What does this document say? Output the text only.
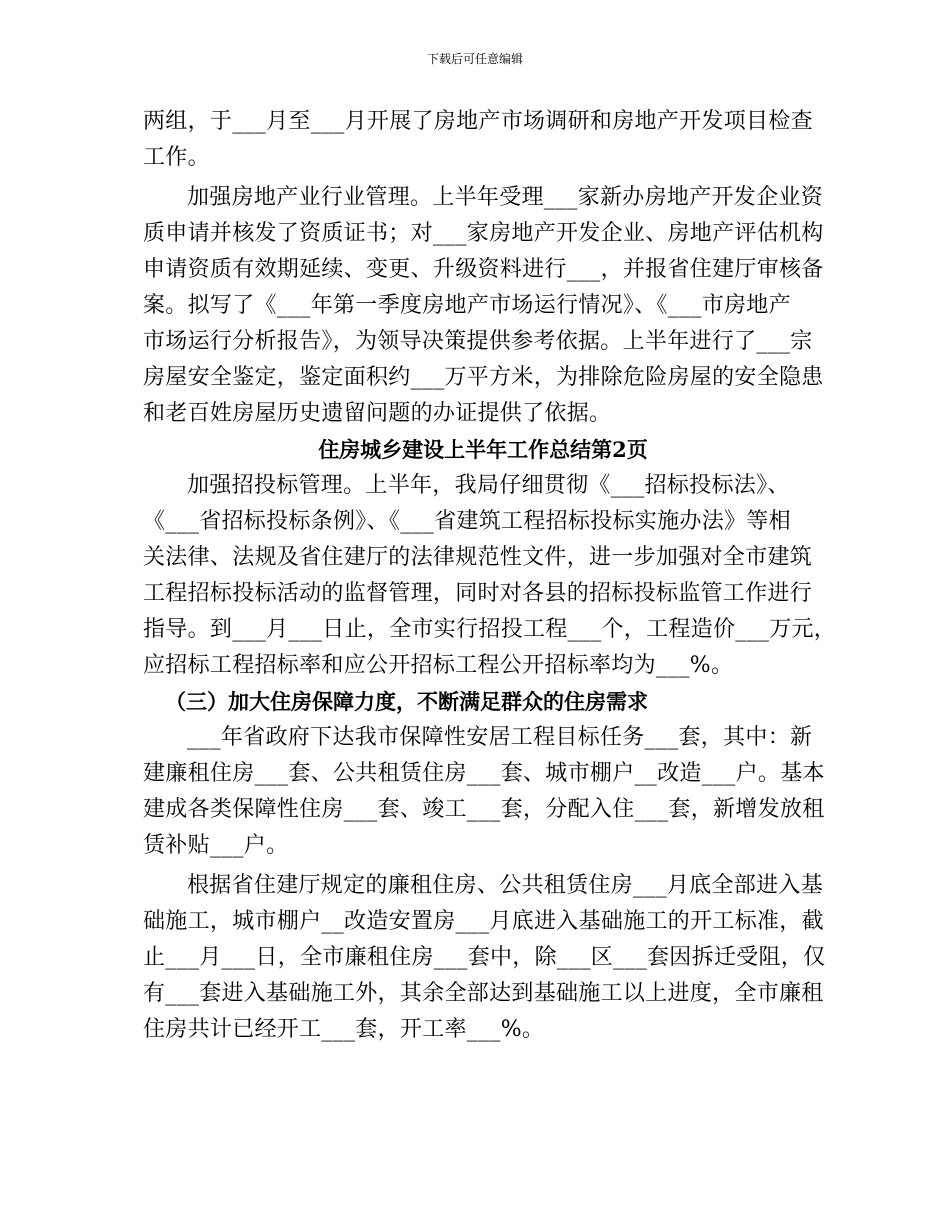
下载后可任意编辑
两组，于___月至___月开展了房地产市场调研和房地产开发项目检查
工作。
加强房地产业行业管理。上半年受理___家新办房地产开发企业资
质申请并核发了资质证书；对___家房地产开发企业、房地产评估机构
申请资质有效期延续、变更、升级资料进行___，并报省住建厅审核备
案。拟写了《___年第一季度房地产市场运行情况》、《___市房地产
市场运行分析报告》，为领导决策提供参考依据。上半年进行了___宗
房屋安全鉴定，鉴定面积约___万平方米，为排除危险房屋的安全隐患
和老百姓房屋历史遗留问题的办证提供了依据。
住房城乡建设上半年工作总结第2页
加强招投标管理。上半年，我局仔细贯彻《___招标投标法》、
《___省招标投标条例》、《___省建筑工程招标投标实施办法》等相
关法律、法规及省住建厅的法律规范性文件，进一步加强对全市建筑
工程招标投标活动的监督管理，同时对各县的招标投标监管工作进行
指导。到___月___日止，全市实行招投工程___个，工程造价___万元，
应招标工程招标率和应公开招标工程公开招标率均为___%。
（三）加大住房保障力度，不断满足群众的住房需求
___年省政府下达我市保障性安居工程目标任务___套，其中：新
建廉租住房___套、公共租赁住房___套、城市棚户__改造___户。基本
建成各类保障性住房___套、竣工___套，分配入住___套，新增发放租
赁补贴___户。
根据省住建厅规定的廉租住房、公共租赁住房___月底全部进入基
础施工，城市棚户__改造安置房___月底进入基础施工的开工标准，截
止___月___日，全市廉租住房___套中，除___区___套因拆迁受阻，仅
有___套进入基础施工外，其余全部达到基础施工以上进度，全市廉租
住房共计已经开工___套，开工率___%。
